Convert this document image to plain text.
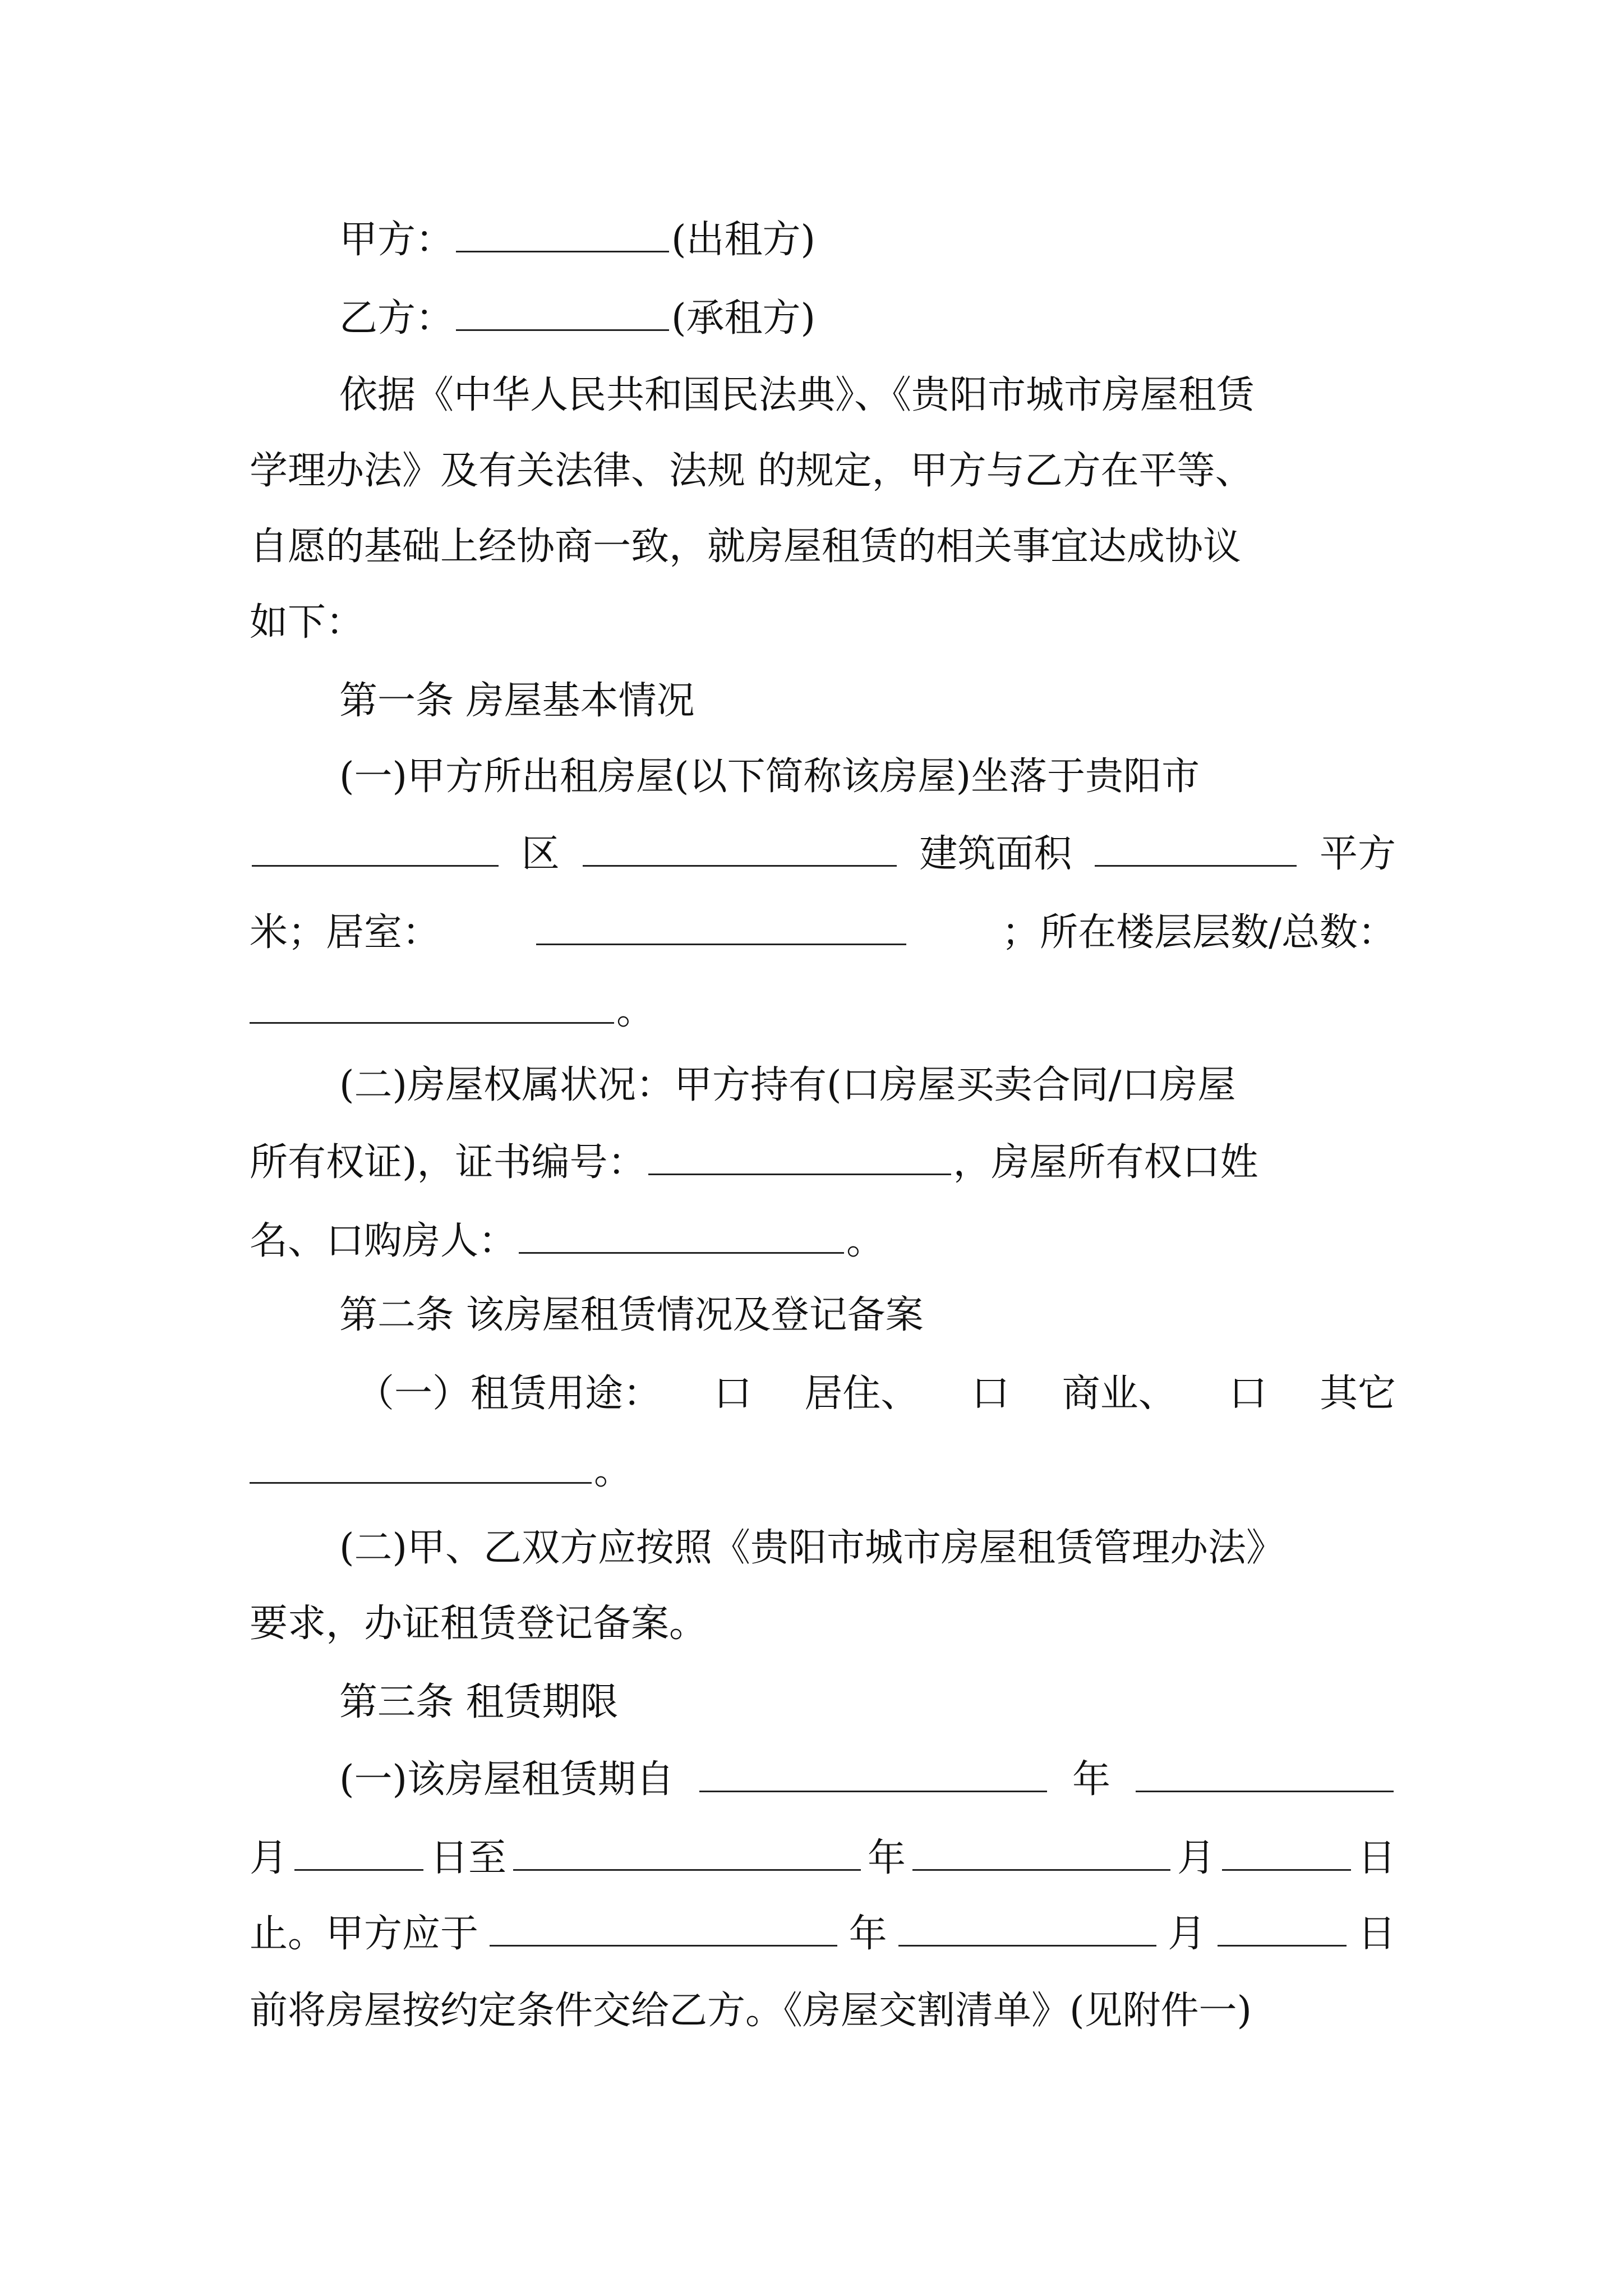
甲方：	(出租方)
乙方：	(承租方)
依据《中华人民共和国民法典》、《贵阳市城市房屋租赁
学理办法》及有关法律、法规 的规定，甲方与乙方在平等、
自愿的基础上经协商一致，就房屋租赁的相关事宜达成协议
如下：
第一条 房屋基本情况
(一)甲方所出租房屋(以下简称该房屋)坐落于贵阳市
区	建筑面积	平方
米；居室：	；所在楼层层数/总数：
。
(二)房屋权属状况：甲方持有(口房屋买卖合同/口房屋
所有权证)，证书编号：	，房屋所有权口姓
名、口购房人：	。
第二条 该房屋租赁情况及登记备案
（一）租赁用途： 口 居住、 口 商业、 口 其它
。
(二)甲、乙双方应按照《贵阳市城市房屋租赁管理办法》
要求，办证租赁登记备案。
第三条 租赁期限
(一)该房屋租赁期自	年
月	日至	年	月	日
止。甲方应于	年	月	日
前将房屋按约定条件交给乙方。《房屋交割清单》(见附件一)
